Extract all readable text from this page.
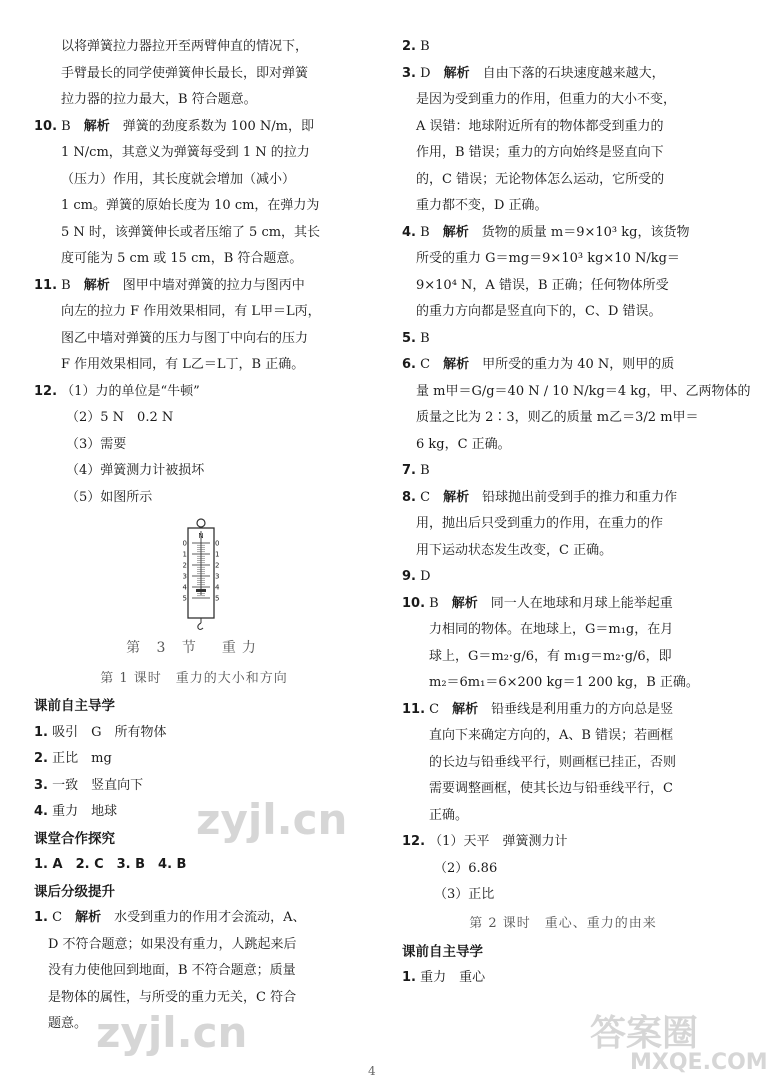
以将弹簧拉力器拉开至两臂伸直的情况下，
手臂最长的同学使弹簧伸长最长，即对弹簧
拉力器的拉力最大，B 符合题意。
10. B　 解析　 弹簧的劲度系数为 100 N/m，即
1 N/cm，其意义为弹簧每受到 1 N 的拉力
（压力）作用，其长度就会增加（减小）
1 cm。弹簧的原始长度为 10 cm，在弹力为
5 N 时，该弹簧伸长或者压缩了 5 cm，其长
度可能为 5 cm 或 15 cm，B 符合题意。
11. B　 解析　 图甲中墙对弹簧的拉力与图丙中
向左的拉力 F 作用效果相同，有 L甲＝L丙，
图乙中墙对弹簧的压力与图丁中向右的压力
F 作用效果相同，有 L乙＝L丁，B 正确。
12. （1）力的单位是“牛顿”
（2）5 N　0.2 N
（3）需要
（4）弹簧测力计被损坏
（5）如图所示
0	0
1	1
2	2
3	3
4	4
5	5
N
第 3 节　重力
第 1 课时　重力的大小和方向
课前自主导学
1. 吸引　G　所有物体
2. 正比　mg
3. 一致　竖直向下
4. 重力　地球
课堂合作探究
1. A　2. C　3. B　4. B
课后分级提升
1. C　 解析　 水受到重力的作用才会流动，A、
D 不符合题意；如果没有重力，人跳起来后
没有力使他回到地面，B 不符合题意；质量
是物体的属性，与所受的重力无关，C 符合
题意。
2. B
3. D　 解析　 自由下落的石块速度越来越大，
是因为受到重力的作用，但重力的大小不变，
A 误错：地球附近所有的物体都受到重力的
作用，B 错误；重力的方向始终是竖直向下
的，C 错误；无论物体怎么运动，它所受的
重力都不变，D 正确。
4. B　 解析　 货物的质量 m＝9×10³ kg，该货物
所受的重力 G＝mg＝9×10³ kg×10 N/kg＝
9×10⁴ N，A 错误，B 正确；任何物体所受
的重力方向都是竖直向下的，C、D 错误。
5. B
6. C　 解析　 甲所受的重力为 40 N，则甲的质
量 m甲＝G/g＝40 N / 10 N/kg＝4 kg，甲、乙两物体的
质量之比为 2∶3，则乙的质量 m乙＝3/2 m甲＝
6 kg，C 正确。
7. B
8. C　 解析　 铅球抛出前受到手的推力和重力作
用，抛出后只受到重力的作用，在重力的作
用下运动状态发生改变，C 正确。
9. D
10. B　 解析　 同一人在地球和月球上能举起重
力相同的物体。在地球上，G＝m₁g，在月
球上，G＝m₂·g/6，有 m₁g＝m₂·g/6，即
m₂＝6m₁＝6×200 kg＝1 200 kg，B 正确。
11. C　 解析　 铅垂线是利用重力的方向总是竖
直向下来确定方向的，A、B 错误；若画框
的长边与铅垂线平行，则画框已挂正，否则
需要调整画框，使其长边与铅垂线平行，C
正确。
12. （1）天平　弹簧测力计
（2）6.86
（3）正比
第 2 课时　重心、重力的由来
课前自主导学
1. 重力　重心
4
zyjl.cn
zyjl.cn	答案圈
MXQE.COM
